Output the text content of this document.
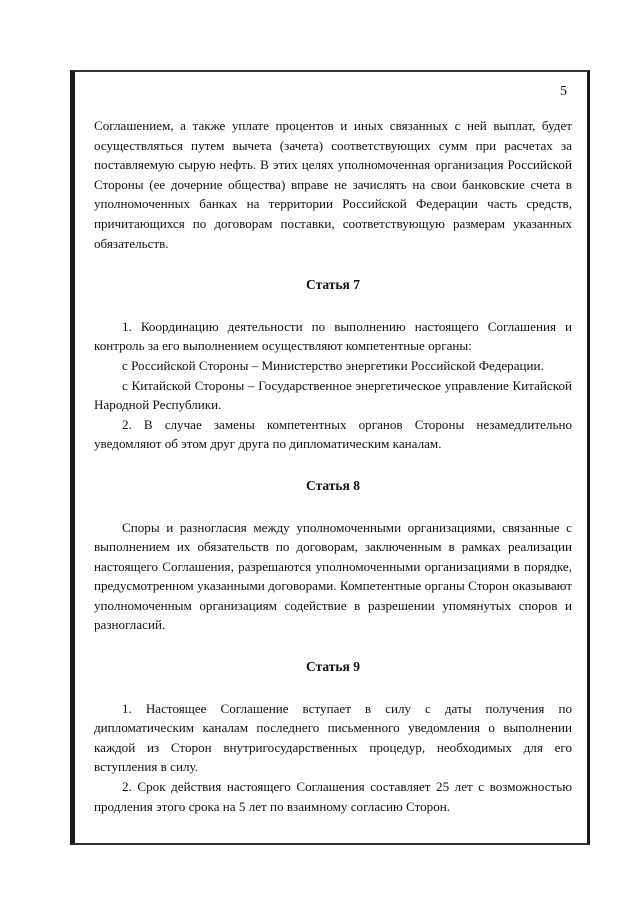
5

Соглашением, а также уплате процентов и иных связанных с ней выплат, будет осуществляться путем вычета (зачета) соответствующих сумм при расчетах за поставляемую сырую нефть. В этих целях уполномоченная организация Российской Стороны (ее дочерние общества) вправе не зачислять на свои банковские счета в уполномоченных банках на территории Российской Федерации часть средств, причитающихся по договорам поставки, соответствующую размерам указанных обязательств.

Статья 7

1. Координацию деятельности по выполнению настоящего Соглашения и контроль за его выполнением осуществляют компетентные органы:

с Российской Стороны – Министерство энергетики Российской Федерации.

с Китайской Стороны – Государственное энергетическое управление Китайской Народной Республики.

2. В случае замены компетентных органов Стороны незамедлительно уведомляют об этом друг друга по дипломатическим каналам.

Статья 8

Споры и разногласия между уполномоченными организациями, связанные с выполнением их обязательств по договорам, заключенным в рамках реализации настоящего Соглашения, разрешаются уполномоченными организациями в порядке, предусмотренном указанными договорами. Компетентные органы Сторон оказывают уполномоченным организациям содействие в разрешении упомянутых споров и разногласий.

Статья 9

1. Настоящее Соглашение вступает в силу с даты получения по дипломатическим каналам последнего письменного уведомления о выполнении каждой из Сторон внутригосударственных процедур, необходимых для его вступления в силу.

2. Срок действия настоящего Соглашения составляет 25 лет с возможностью продления этого срока на 5 лет по взаимному согласию Сторон.
